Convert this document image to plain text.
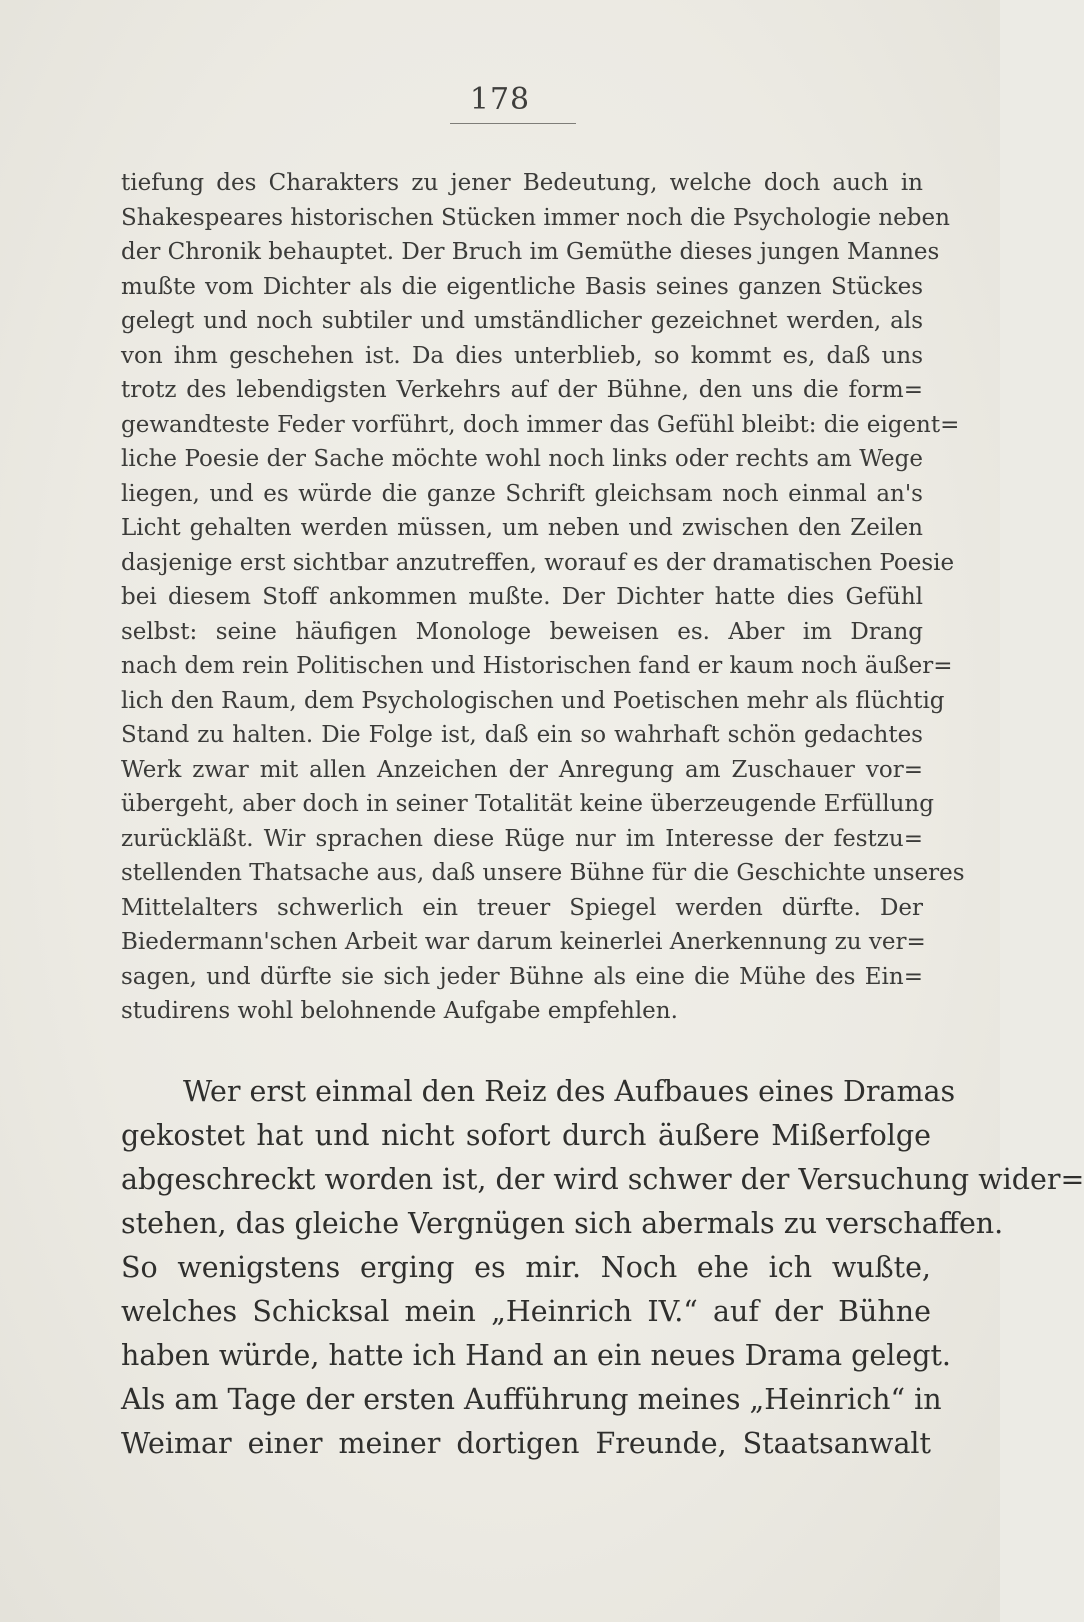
178
tiefung des Charakters zu jener Bedeutung, welche doch auch in
Shakespeares historischen Stücken immer noch die Psychologie neben
der Chronik behauptet. Der Bruch im Gemüthe dieses jungen Mannes
mußte vom Dichter als die eigentliche Basis seines ganzen Stückes
gelegt und noch subtiler und umständlicher gezeichnet werden, als
von ihm geschehen ist. Da dies unterblieb, so kommt es, daß uns
trotz des lebendigsten Verkehrs auf der Bühne, den uns die form=
gewandteste Feder vorführt, doch immer das Gefühl bleibt: die eigent=
liche Poesie der Sache möchte wohl noch links oder rechts am Wege
liegen, und es würde die ganze Schrift gleichsam noch einmal an's
Licht gehalten werden müssen, um neben und zwischen den Zeilen
dasjenige erst sichtbar anzutreffen, worauf es der dramatischen Poesie
bei diesem Stoff ankommen mußte. Der Dichter hatte dies Gefühl
selbst: seine häufigen Monologe beweisen es. Aber im Drang
nach dem rein Politischen und Historischen fand er kaum noch äußer=
lich den Raum, dem Psychologischen und Poetischen mehr als flüchtig
Stand zu halten. Die Folge ist, daß ein so wahrhaft schön gedachtes
Werk zwar mit allen Anzeichen der Anregung am Zuschauer vor=
übergeht, aber doch in seiner Totalität keine überzeugende Erfüllung
zurückläßt. Wir sprachen diese Rüge nur im Interesse der festzu=
stellenden Thatsache aus, daß unsere Bühne für die Geschichte unseres
Mittelalters schwerlich ein treuer Spiegel werden dürfte. Der
Biedermann'schen Arbeit war darum keinerlei Anerkennung zu ver=
sagen, und dürfte sie sich jeder Bühne als eine die Mühe des Ein=
studirens wohl belohnende Aufgabe empfehlen.
Wer erst einmal den Reiz des Aufbaues eines Dramas
gekostet hat und nicht sofort durch äußere Mißerfolge
abgeschreckt worden ist, der wird schwer der Versuchung wider=
stehen, das gleiche Vergnügen sich abermals zu verschaffen.
So wenigstens erging es mir. Noch ehe ich wußte,
welches Schicksal mein „Heinrich IV.“ auf der Bühne
haben würde, hatte ich Hand an ein neues Drama gelegt.
Als am Tage der ersten Aufführung meines „Heinrich“ in
Weimar einer meiner dortigen Freunde, Staatsanwalt
